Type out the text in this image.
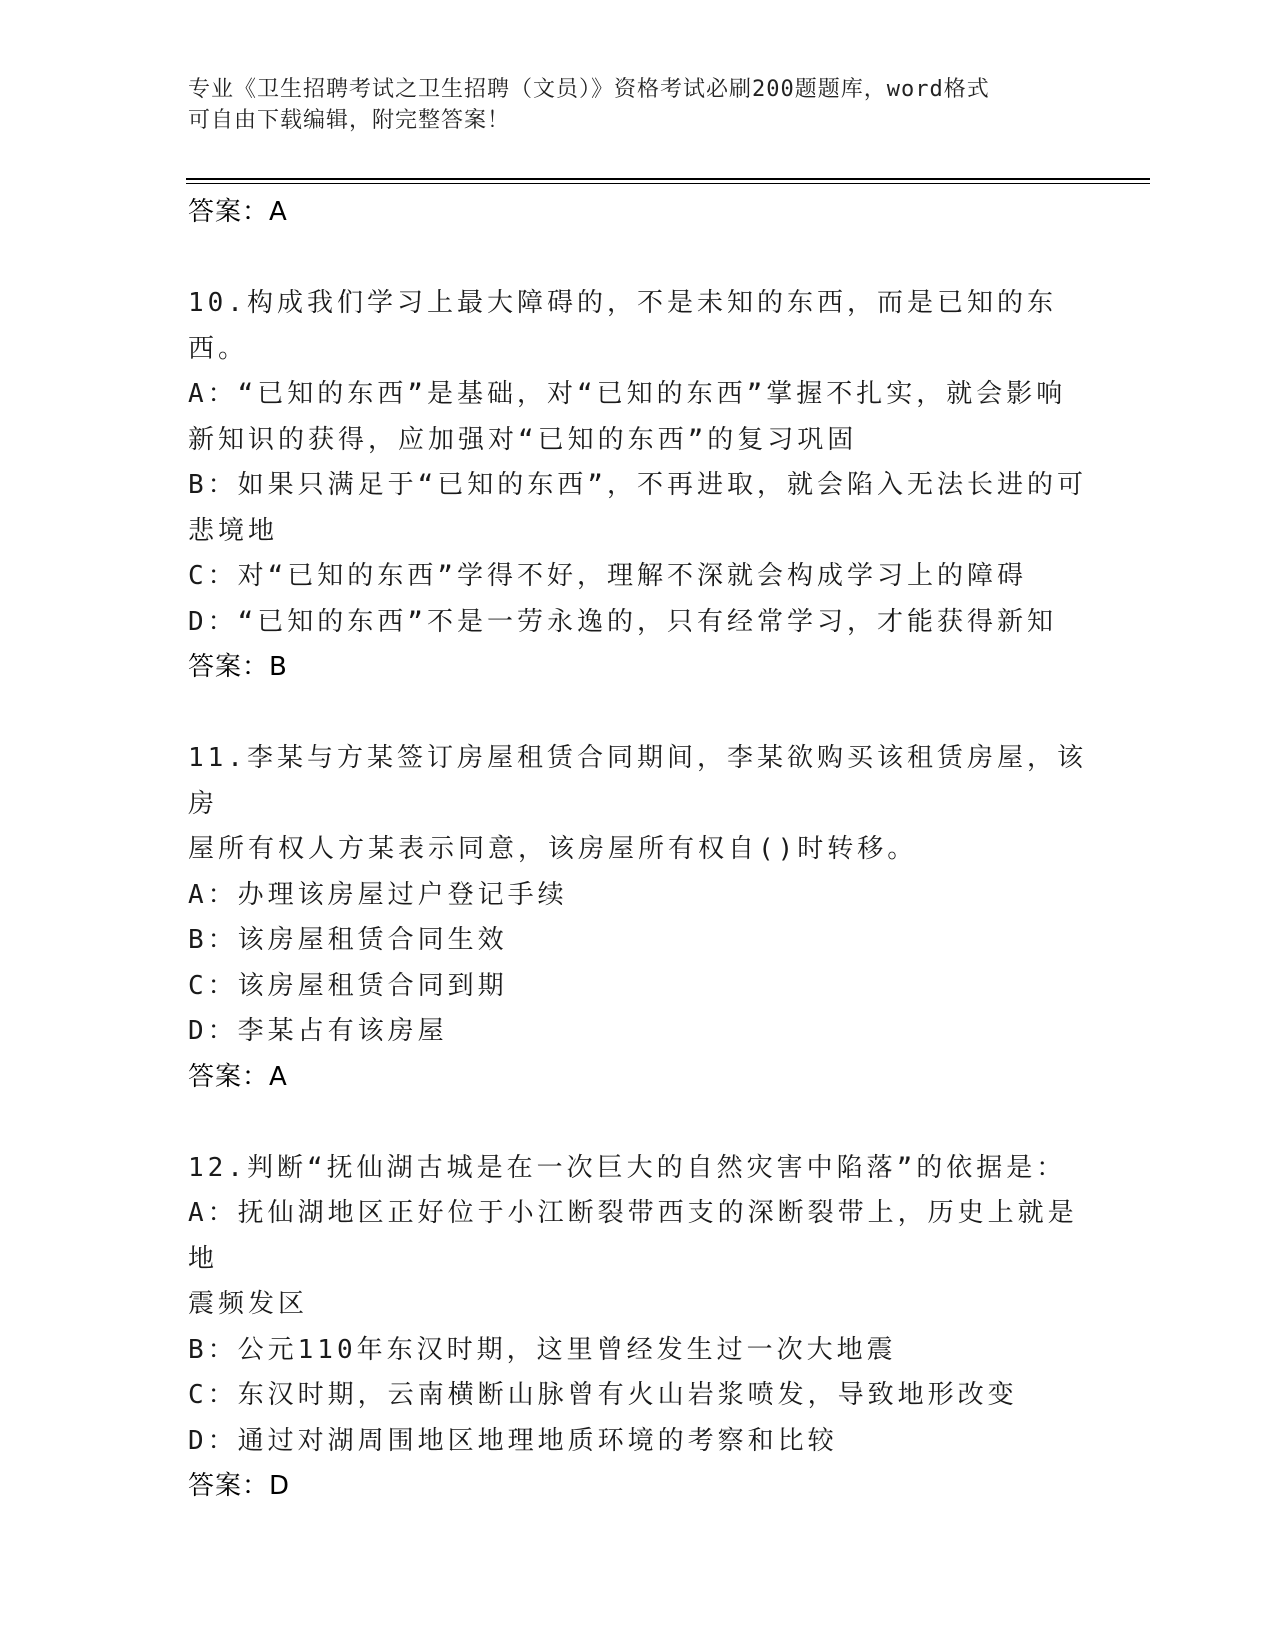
专业《卫生招聘考试之卫生招聘（文员）》资格考试必刷200题题库，word格式
可自由下载编辑，附完整答案！
答案：A
10.构成我们学习上最大障碍的，不是未知的东西，而是已知的东西。
A：“已知的东西”是基础，对“已知的东西”掌握不扎实，就会影响
新知识的获得，应加强对“已知的东西”的复习巩固
B：如果只满足于“已知的东西”，不再进取，就会陷入无法长进的可
悲境地
C：对“已知的东西”学得不好，理解不深就会构成学习上的障碍
D：“已知的东西”不是一劳永逸的，只有经常学习，才能获得新知
答案：B
11.李某与方某签订房屋租赁合同期间，李某欲购买该租赁房屋，该房
屋所有权人方某表示同意，该房屋所有权自()时转移。
A：办理该房屋过户登记手续
B：该房屋租赁合同生效
C：该房屋租赁合同到期
D：李某占有该房屋
答案：A
12.判断“抚仙湖古城是在一次巨大的自然灾害中陷落”的依据是：
A：抚仙湖地区正好位于小江断裂带西支的深断裂带上，历史上就是地
震频发区
B：公元110年东汉时期，这里曾经发生过一次大地震
C：东汉时期，云南横断山脉曾有火山岩浆喷发，导致地形改变
D：通过对湖周围地区地理地质环境的考察和比较
答案：D
